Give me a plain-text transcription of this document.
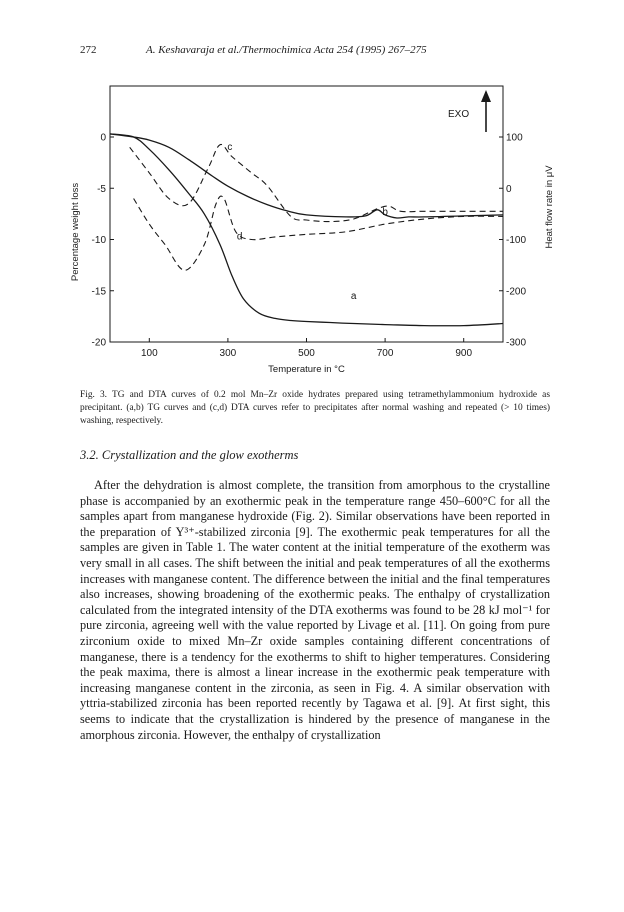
272	A. Keshavaraja et al./Thermochimica Acta 254 (1995) 267–275
100	300	500	700	900
0
-5
-10
-15
-20
100
0
-100
-200
-300
Temperature in °C
Percentage weight loss	Heat flow rate in μV
a
b
c
d
EXO
Fig. 3. TG and DTA curves of 0.2 mol Mn–Zr oxide hydrates prepared using tetramethylammonium hydroxide as precipitant. (a,b) TG curves and (c,d) DTA curves refer to precipitates after normal washing and repeated (> 10 times) washing, respectively.
3.2. Crystallization and the glow exotherms

After the dehydration is almost complete, the transition from amorphous to the crystalline phase is accompanied by an exothermic peak in the temperature range 450–600°C for all the samples apart from manganese hydroxide (Fig. 2). Similar observations have been reported in the preparation of Y³⁺-stabilized zirconia [9]. The exothermic peak temperatures for all the samples are given in Table 1. The water content at the initial temperature of the exotherm was very small in all cases. The shift between the initial and peak temperatures of all the exotherms increases with manganese content. The difference between the initial and the final temperatures also increases, showing broadening of the exothermic peaks. The enthalpy of crystallization calculated from the integrated intensity of the DTA exotherms was found to be 28 kJ mol⁻¹ for pure zirconia, agreeing well with the value reported by Livage et al. [11]. On going from pure zirconium oxide to mixed Mn–Zr oxide samples containing different concentrations of manganese, there is a tendency for the exotherms to shift to higher temperatures. Considering the peak maxima, there is almost a linear increase in the exothermic peak temperature with increasing manganese content in the zirconia, as seen in Fig. 4. A similar observation with yttria-stabilized zirconia has been reported recently by Tagawa et al. [9]. At first sight, this seems to indicate that the crystallization is hindered by the presence of manganese in the amorphous zirconia. However, the enthalpy of crystallization
